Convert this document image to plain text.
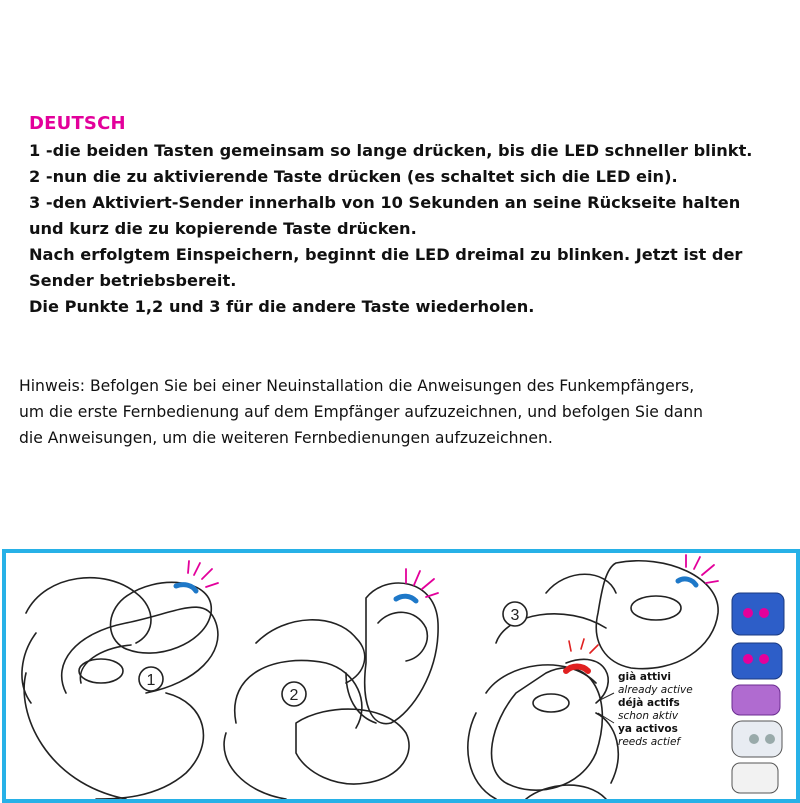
DEUTSCH
1 -die beiden Tasten gemeinsam so lange drücken, bis die LED schneller blinkt.
2 -nun die zu aktivierende Taste drücken (es schaltet sich die LED ein).
3 -den Aktiviert-Sender innerhalb von 10 Sekunden an seine Rückseite halten
und kurz die zu kopierende Taste drücken.
Nach erfolgtem Einspeichern, beginnt die LED dreimal zu blinken. Jetzt ist der
Sender betriebsbereit.
Die Punkte 1,2 und 3 für die andere Taste wiederholen.
Hinweis: Befolgen Sie bei einer Neuinstallation die Anweisungen des Funkempfängers,
um die erste Fernbedienung auf dem Empfänger aufzuzeichnen, und befolgen Sie dann
die Anweisungen, um die weiteren Fernbedienungen aufzuzeichnen.
1
2
3
già attivi
already active
déjà actifs
schon aktiv
ya activos
reeds actief
